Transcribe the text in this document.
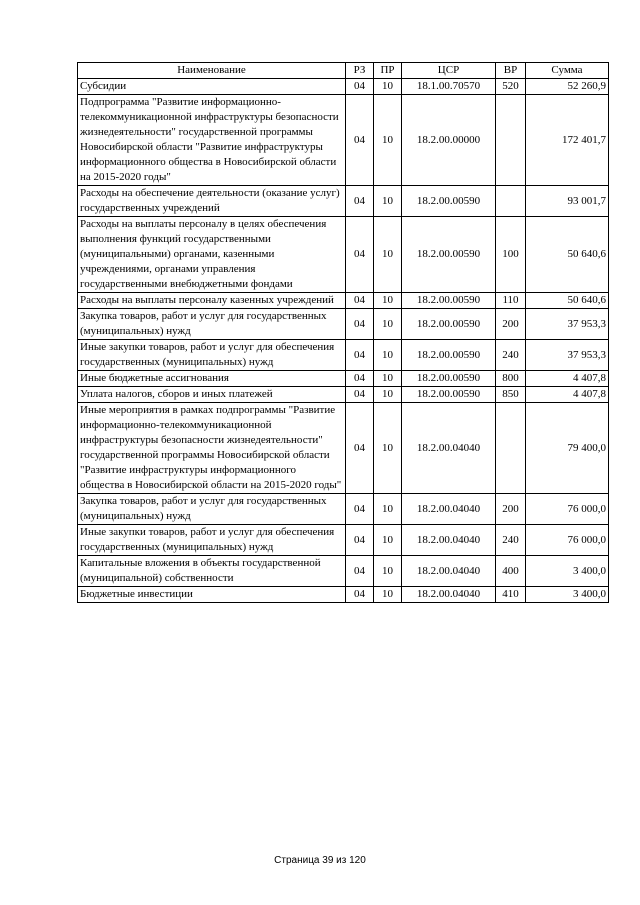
Наименование	РЗ	ПР	ЦСР	ВР	Сумма
Субсидии	04	10	18.1.00.70570	520	52 260,9
Подпрограмма "Развитие информационно-телекоммуникационной инфраструктуры безопасности жизнедеятельности" государственной программы Новосибирской области "Развитие инфраструктуры информационного общества в Новосибирской области на 2015-2020 годы"	04	10	18.2.00.00000		172 401,7
Расходы на обеспечение деятельности (оказание услуг) государственных учреждений	04	10	18.2.00.00590		93 001,7
Расходы на выплаты персоналу в целях обеспечения выполнения функций государственными (муниципальными) органами, казенными учреждениями, органами управления государственными внебюджетными фондами	04	10	18.2.00.00590	100	50 640,6
Расходы на выплаты персоналу казенных учреждений	04	10	18.2.00.00590	110	50 640,6
Закупка товаров, работ и услуг для государственных (муниципальных) нужд	04	10	18.2.00.00590	200	37 953,3
Иные закупки товаров, работ и услуг для обеспечения государственных (муниципальных) нужд	04	10	18.2.00.00590	240	37 953,3
Иные бюджетные ассигнования	04	10	18.2.00.00590	800	4 407,8
Уплата налогов, сборов и иных платежей	04	10	18.2.00.00590	850	4 407,8
Иные мероприятия в рамках подпрограммы "Развитие информационно-телекоммуникационной инфраструктуры безопасности жизнедеятельности" государственной программы Новосибирской области "Развитие инфраструктуры информационного общества в Новосибирской области на 2015-2020 годы"	04	10	18.2.00.04040		79 400,0
Закупка товаров, работ и услуг для государственных (муниципальных) нужд	04	10	18.2.00.04040	200	76 000,0
Иные закупки товаров, работ и услуг для обеспечения государственных (муниципальных) нужд	04	10	18.2.00.04040	240	76 000,0
Капитальные вложения в объекты государственной (муниципальной) собственности	04	10	18.2.00.04040	400	3 400,0
Бюджетные инвестиции	04	10	18.2.00.04040	410	3 400,0
Страница 39 из 120
